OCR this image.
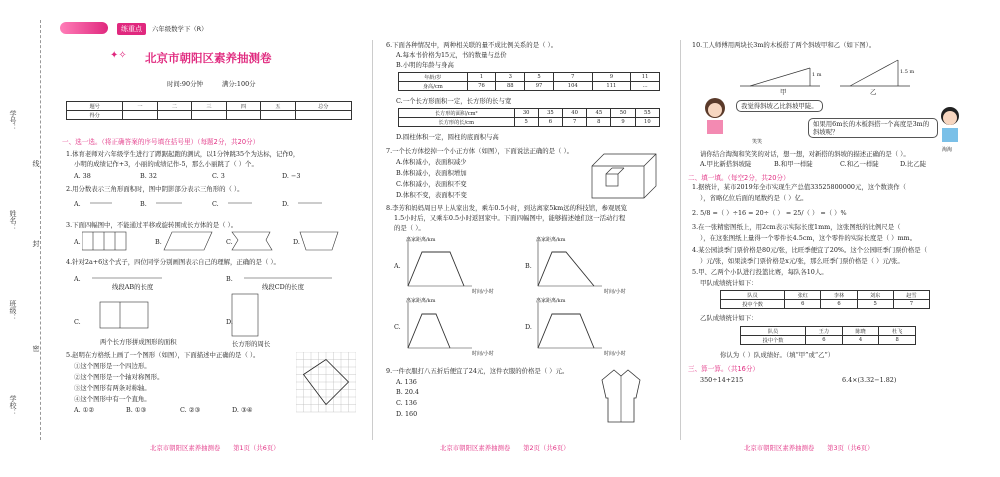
学号：
姓名：
班级：
学校：
线
封
密
练重点	六年级数学下（R）
✦✧	北京市朝阳区素养抽测卷
时间:90分钟	满分:100分
题号	一	二	三	四	五	总分
得分						
一、选一选。（将正确答案的序号填在括号里）（每题2分，共20分）
1.体育老师对六年级学生进行了蹲踞起跑的测试，以1分钟跳35个为达标，记作0，
小明的成绩记作+3，小丽的成绩记作-5，那么小丽跳了（ ）个。
A. 38	B. 32	C. 3	D. −3
2.用分数表示三角形面积时，图中阴影部分表示三角形的（ ）。
A.	B.	C.	D.
3.下面四幅图中，不能通过平移或旋转围成长方体的是（ ）。
A.	B.	C.	D.
4.针对2a+6这个式子，四位同学分别画图表示自己的理解，正确的是（ ）。
A.	B.
C.	D.
线段AB的长度	线段CD的长度
两个长方形拼成图形的面积	长方形的周长
5.赵明在方格纸上画了一个图形（如图），下面描述中正确的是（ ）。
①这个图形是一个四边形。
②这个图形是一个轴对称图形。
③这个图形有两条对称轴。
④这个图形中有一个直角。
A. ①②	B. ①③	C. ②③	D. ③④
6.下面各种情况中，两种相关联的量不成比例关系的是（ ）。
A.每本书价格为15元，书的数量与总价
B.小明的年龄与身高
年龄/岁	1	3	5	7	9	11
身高/cm	76	88	97	104	111	…
C.一个长方形面积一定，长方形的长与宽
长方形的面积/cm²	30	35	40	45	50	55
长方形的长/cm	5	6	7	8	9	10
D.圆柱体积一定，圆柱的底面积与高
7.一个长方体挖掉一个小正方体（如图），下面说法正确的是（ ）。
A.体积减小，表面积减少
B.体积减小，表面积增加
C.体积减小，表面积不变
D.体积不变，表面积不变
8.李芳和妈妈周日早上从家出发，乘车0.5小时，到达离家5km远的科技馆，参观展览
1.5小时后，又乘车0.5小时返回家中。下面四幅图中，能够描述她们这一活动行程
的是（ ）。
A.	B.
C.	D.
离家距离/km	离家距离/km
离家距离/km	离家距离/km
时间/小时	时间/小时
时间/小时	时间/小时
9.一件衣服打八五折后便宜了24元，这件衣服的价格是（ ）元。
A. 136
B. 20.4
C. 136
D. 160
10.工人师傅用两块长3m的木板搭了两个斜坡甲和乙（如下图）。
1 m	1.5 m
甲	乙
我觉得斜坡乙比斜坡甲陡。
如果用6m长的木板斜搭一个高度是3m的斜坡呢？
笑笑
淘淘
请你结合淘淘和笑笑的对话，想一想，对新搭的斜坡的描述正确的是（ ）。
A.甲比新搭斜坡陡	B.和甲一样陡	C.和乙一样陡	D.比乙陡
二、填一填。（每空2分，共20分）
1.据统计，某市2019年全市实现生产总值33525800000元，这个数读作（
），省略亿位后面的尾数约是（ ）亿。
2. 5/8 =（ ）÷16 = 20÷（ ） = 25/（ ） =（ ）%
3.在一张精密图纸上，用2cm表示实际长度1mm，这张图纸的比例尺是（
），在这张图纸上量得一个零件长4.5cm，这个零件的实际长度是（ ）mm。
4.某公园淡季门票价格是80元/张，比旺季便宜了20%。这个公园旺季门票价格是（
）元/张，如果淡季门票价格是x元/张，那么旺季门票价格是（ ）元/张。
5.甲、乙两个小队进行投篮比赛，每队各10人。
甲队成绩统计如下：
队员	张红	李林	刘东	赵雪
投中个数	6	6	5	7
乙队成绩统计如下：
队员	王力	陈晓	杜飞
投中个数	6	4	8
你认为（ ）队成绩好。（填“甲”或“乙”）
三、算一算。（共16分）
350÷14+215	6.4×(3.32−1.82)
北京市朝阳区素养抽测卷　　第1页（共6页）	北京市朝阳区素养抽测卷　　第2页（共6页）	北京市朝阳区素养抽测卷　　第3页（共6页）
